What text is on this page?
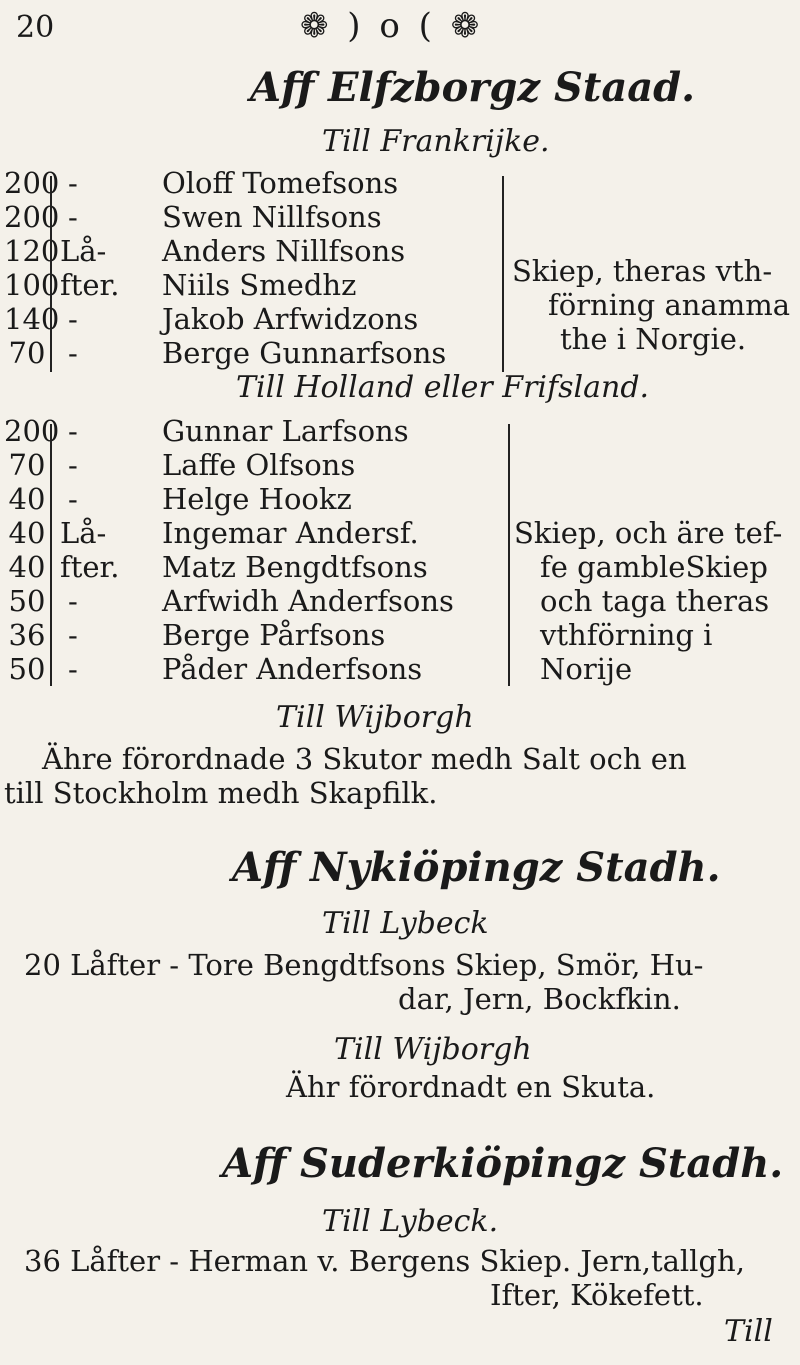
20	❁ ) o ( ❁
Aff Elfzborgz Staad.
Till Frankrijke.
200
200
120
100
140
70
-
-
Lå-
fter.
-
-
Oloff Tomefsons
Swen Nillfsons
Anders Nillfsons
Niils Smedhz
Jakob Arfwidzons
Berge Gunnarfsons
Skiep, theras vth-
förning anamma
the i Norgie.
Till Holland eller Frifsland.
200
70
40
40
40
50
36
50
-
-
-
Lå-
fter.
-
-
-
Gunnar Larfsons
Laffe Olfsons
Helge Hookz
Ingemar Andersf.
Matz Bengdtfsons
Arfwidh Anderfsons
Berge Pårfsons
Påder Anderfsons
Skiep, och äre tef-
fe gambleSkiep
och taga theras
vthförning i
Norije
Till Wijborgh
Ähre förordnade 3 Skutor medh Salt och en
till Stockholm medh Skapfilk.
Aff Nykiöpingz Stadh.
Till Lybeck
20 Låfter - Tore Bengdtfsons Skiep, Smör, Hu-
dar, Jern, Bockfkin.
Till Wijborgh
Ähr förordnadt en Skuta.
Aff Suderkiöpingz Stadh.
Till Lybeck.
36 Låfter - Herman v. Bergens Skiep. Jern,tallgh,
Ifter, Kökefett.
Till
